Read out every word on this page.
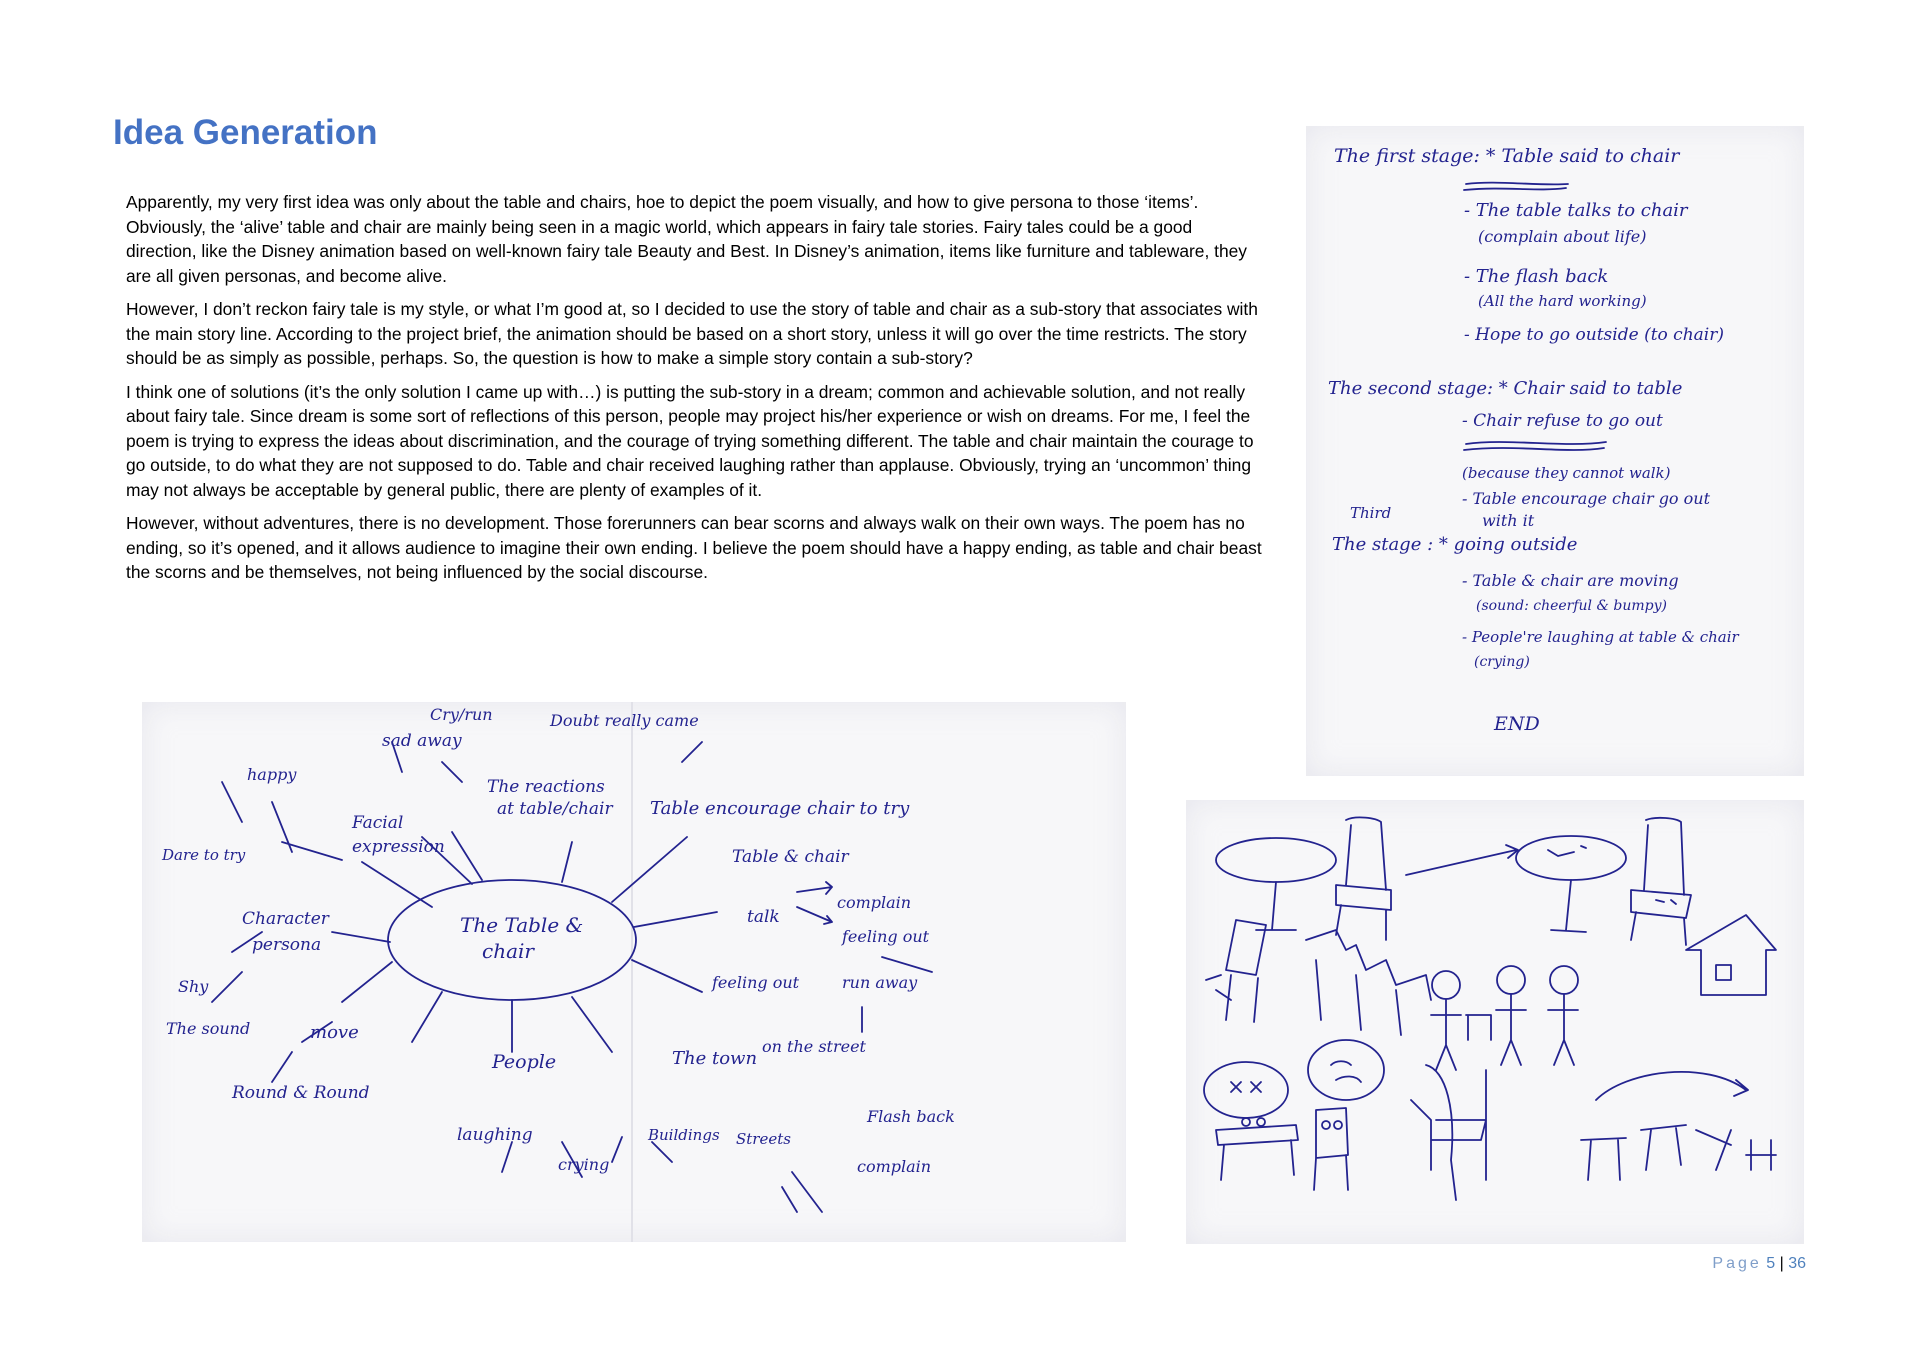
Idea Generation

Apparently, my very first idea was only about the table and chairs, hoe to depict the poem visually, and how to give persona to those ‘items’. Obviously, the ‘alive’ table and chair are mainly being seen in a magic world, which appears in fairy tale stories. Fairy tales could be a good direction, like the Disney animation based on well-known fairy tale Beauty and Best. In Disney’s animation, items like furniture and tableware, they are all given personas, and become alive.

However, I don’t reckon fairy tale is my style, or what I’m good at, so I decided to use the story of table and chair as a sub-story that associates with the main story line. According to the project brief, the animation should be based on a short story, unless it will go over the time restricts. The story should be as simply as possible, perhaps. So, the question is how to make a simple story contain a sub-story?

I think one of solutions (it’s the only solution I came up with…) is putting the sub-story in a dream; common and achievable solution, and not really about fairy tale. Since dream is some sort of reflections of this person, people may project his/her experience or wish on dreams. For me, I feel the poem is trying to express the ideas about discrimination, and the courage of trying something different. The table and chair maintain the courage to go outside, to do what they are not supposed to do. Table and chair received laughing rather than applause. Obviously, trying an ‘uncommon’ thing may not always be acceptable by general public, there are plenty of examples of it.

However, without adventures, there is no development. Those forerunners can bear scorns and always walk on their own ways. The poem has no ending, so it’s opened, and it allows audience to imagine their own ending. I believe the poem should have a happy ending, as table and chair beast the scorns and be themselves, not being influenced by the social discourse.

The first stage: * Table said to chair
- The table talks to chair
(complain about life)
- The flash back
(All the hard working)
- Hope to go outside (to chair)
The second stage: * Chair said to table
- Chair refuse to go out
(because they cannot walk)
- Table encourage chair go out
with it
Third
The stage : * going outside
- Table & chair are moving
(sound: cheerful & bumpy)
- People're laughing at table & chair
(crying)
END
The Table &
chair
Cry/run
sad away
Doubt really came
happy
The reactions
at table/chair Table encourage chair to try
Facial
expression	Table & chair
Dare to try
talk
complain
feeling out
Character
persona
Shy	feeling out	run away
The sound	move
on the street
Round & Round
People	The town
Flash back
laughing
crying
Buildings Streets
complain
Page 5 | 36
